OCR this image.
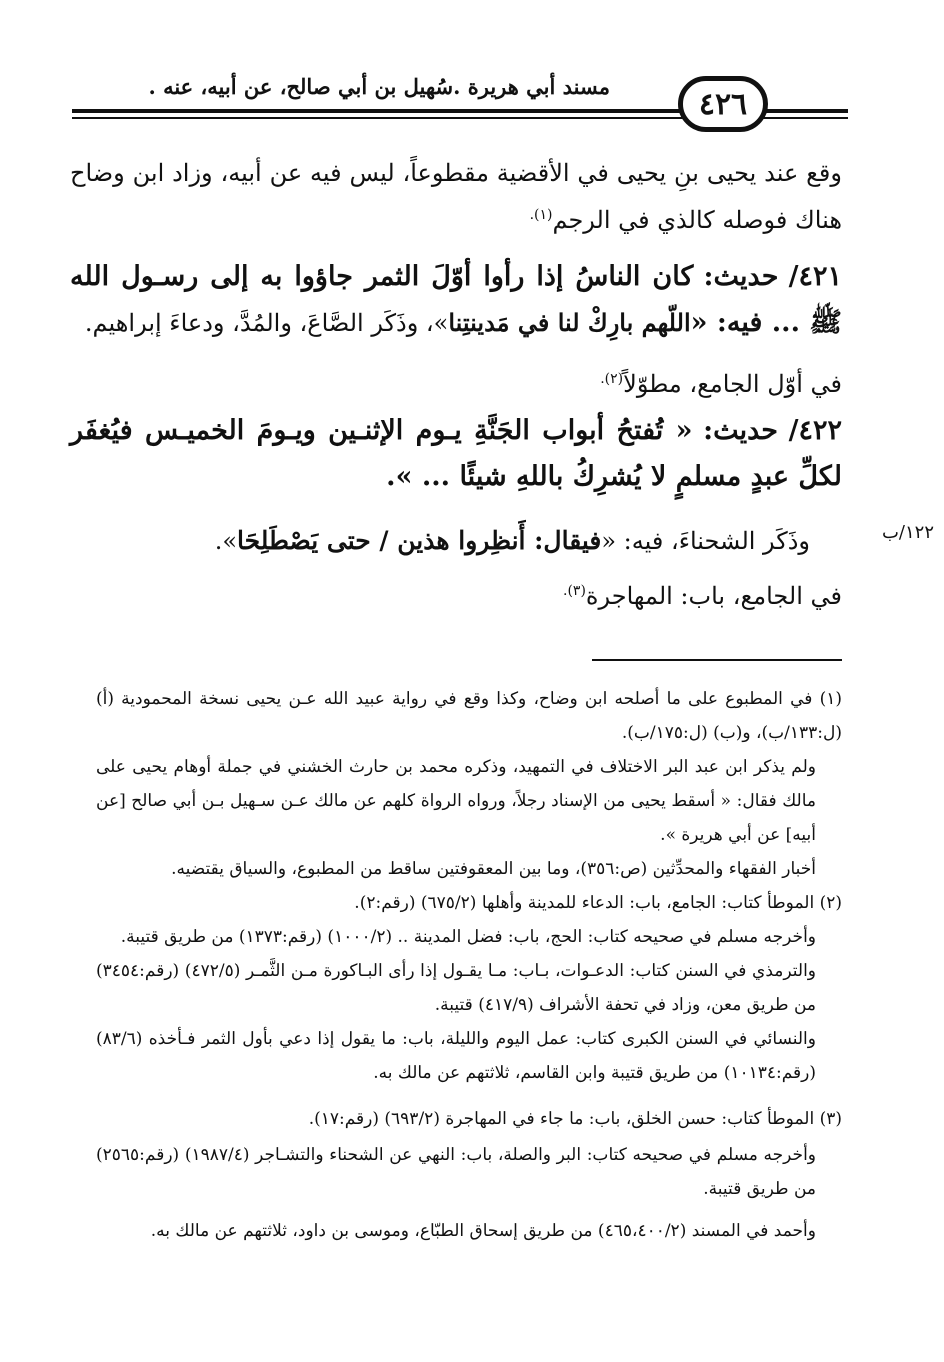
مسند أبي هريرة .سُهيل بن أبي صالح، عن أبيه، عنه .	٤٢٦

وقع عند يحيى بنِ يحيى في الأقضية مقطوعاً، ليس فيه عن أبيه، وزاد ابن وضاح هناك فوصله كالذي في الرجم$^{(١).}$

٤٢١/ حديث: كان الناسُ إذا رأوا أوّلَ الثمر جاؤوا به إلى رسـول الله ﷺ ... فيه: «اللّهم بارِكْ لنا في مَدينتِنا»، وذَكَر الصَّاعَ، والمُدَّ، ودعاءَ إبراهيم.

في أوّل الجامع، مطوّلاً$^{(٢).}$

٤٢٢/ حديث: « تُفتحُ أبواب الجَنَّةِ يـوم الإثنـين ويـومَ الخميـس فيُغفَر لكلِّ عبدٍ مسلمٍ لا يُشرِكُ باللهِ شيئًا ... ».

وذَكَر الشحناءَ، فيه: «فيقال: أَنظِروا هذين / حتى يَصْطَلِحَا».	١٢٢/ب
في الجامع، باب: المهاجرة$^{(٣).}$

(١) في المطبوع على ما أصلحه ابن وضاح، وكذا وقع في رواية عبيد الله عـن يحيى نسخة المحمودية (أ) (ل:١٣٣/ب)، و(ب) (ل:١٧٥/ب).

ولم يذكر ابن عبد البر الاختلاف في التمهيد، وذكره محمد بن حارث الخشني في جملة أوهام يحيى على مالك فقال: « أسقط يحيى من الإسناد رجلاً، ورواه الرواة كلهم عن مالك عـن سـهيل بـن أبي صالح [عن أبيه] عن أبي هريرة ».

أخبار الفقهاء والمحدِّثين (ص:٣٥٦)، وما بين المعقوفتين ساقط من المطبوع، والسياق يقتضيه.

(٢) الموطأ كتاب: الجامع، باب: الدعاء للمدينة وأهلها (٦٧٥/٢) (رقم:٢).

وأخرجه مسلم في صحيحه كتاب: الحج، باب: فضل المدينة .. (١٠٠٠/٢) (رقم:١٣٧٣) من طريق قتيبة.

والترمذي في السنن كتاب: الدعـوات، بـاب: مـا يقـول إذا رأى البـاكورة مـن الثَّمـر (٤٧٢/٥) (رقم:٣٤٥٤) من طريق معن، وزاد في تحفة الأشراف (٤١٧/٩) قتيبة.

والنسائي في السنن الكبرى كتاب: عمل اليوم والليلة، باب: ما يقول إذا دعي بأول الثمر فـأخذه (٨٣/٦) (رقم:١٠١٣٤) من طريق قتيبة وابن القاسم، ثلاثتهم عن مالك به.

(٣) الموطأ كتاب: حسن الخلق، باب: ما جاء في المهاجرة (٦٩٣/٢) (رقم:١٧).

وأخرجه مسلم في صحيحه كتاب: البر والصلة، باب: النهي عن الشحناء والتشـاجر (١٩٨٧/٤) (رقم:٢٥٦٥) من طريق قتيبة.

وأحمد في المسند (٤٦٥،٤٠٠/٢) من طريق إسحاق الطبّاع، وموسى بن داود، ثلاثتهم عن مالك به.
